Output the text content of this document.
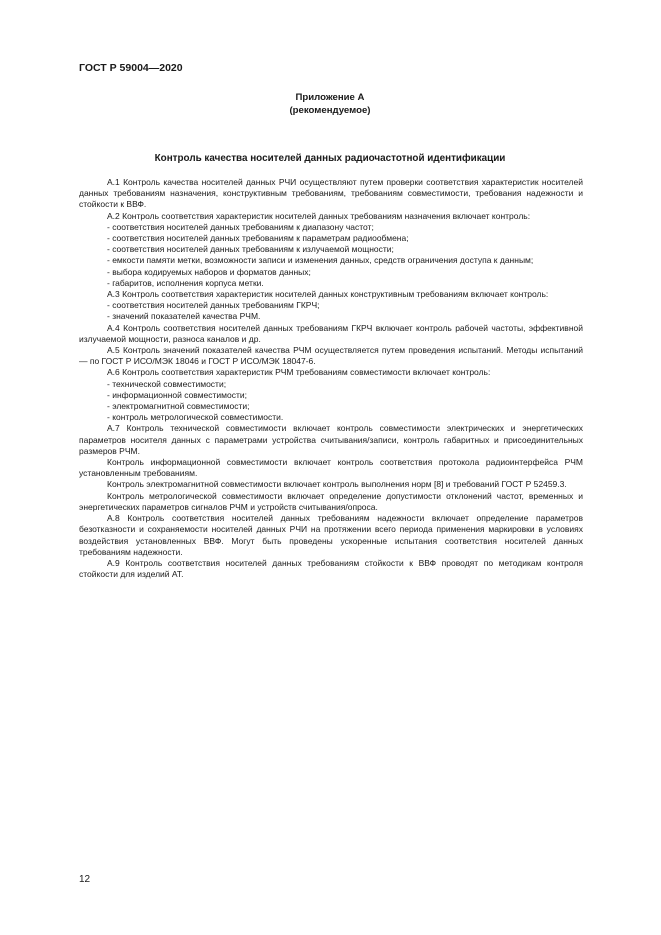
ГОСТ Р 59004—2020

Приложение А

(рекомендуемое)

Контроль качества носителей данных радиочастотной идентификации

А.1 Контроль качества носителей данных РЧИ осуществляют путем проверки соответствия характеристик носителей данных требованиям назначения, конструктивным требованиям, требованиям совместимости, требования надежности и стойкости к ВВФ.

А.2 Контроль соответствия характеристик носителей данных требованиям назначения включает контроль:

- соответствия носителей данных требованиям к диапазону частот;

- соответствия носителей данных требованиям к параметрам радиообмена;

- соответствия носителей данных требованиям к излучаемой мощности;

- емкости памяти метки, возможности записи и изменения данных, средств ограничения доступа к данным;

- выбора кодируемых наборов и форматов данных;

- габаритов, исполнения корпуса метки.

А.3 Контроль соответствия характеристик носителей данных конструктивным требованиям включает контроль:

- соответствия носителей данных требованиям ГКРЧ;

- значений показателей качества РЧМ.

А.4 Контроль соответствия носителей данных требованиям ГКРЧ включает контроль рабочей частоты, эффективной излучаемой мощности, разноса каналов и др.

А.5 Контроль значений показателей качества РЧМ осуществляется путем проведения испытаний. Методы испытаний — по ГОСТ Р ИСО/МЭК 18046 и ГОСТ Р ИСО/МЭК 18047-6.

А.6 Контроль соответствия характеристик РЧМ требованиям совместимости включает контроль:

- технической совместимости;

- информационной совместимости;

- электромагнитной совместимости;

- контроль метрологической совместимости.

А.7 Контроль технической совместимости включает контроль совместимости электрических и энергетических параметров носителя данных с параметрами устройства считывания/записи, контроль габаритных и присоединительных размеров РЧМ.

Контроль информационной совместимости включает контроль соответствия протокола радиоинтерфейса РЧМ установленным требованиям.

Контроль электромагнитной совместимости включает контроль выполнения норм [8] и требований ГОСТ Р 52459.3.

Контроль метрологической совместимости включает определение допустимости отклонений частот, временных и энергетических параметров сигналов РЧМ и устройств считывания/опроса.

А.8 Контроль соответствия носителей данных требованиям надежности включает определение параметров безотказности и сохраняемости носителей данных РЧИ на протяжении всего периода применения маркировки в условиях воздействия установленных ВВФ. Могут быть проведены ускоренные испытания соответствия носителей данных требованиям надежности.

А.9 Контроль соответствия носителей данных требованиям стойкости к ВВФ проводят по методикам контроля стойкости для изделий АТ.

12
